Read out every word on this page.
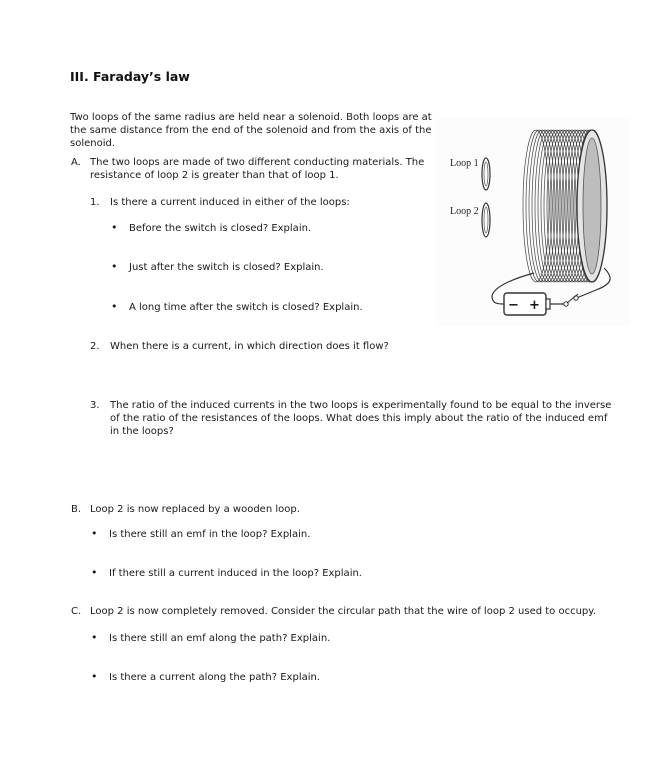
III. Faraday’s law
Two loops of the same radius are held near a solenoid. Both loops are at
the same distance from the end of the solenoid and from the axis of the
solenoid.
A. The two loops are made of two different conducting materials. The
resistance of loop 2 is greater than that of loop 1.
1. Is there a current induced in either of the loops:
• Before the switch is closed? Explain.
• Just after the switch is closed? Explain.
• A long time after the switch is closed? Explain.
2. When there is a current, in which direction does it flow?
3. The ratio of the induced currents in the two loops is experimentally found to be equal to the inverse
of the ratio of the resistances of the loops. What does this imply about the ratio of the induced emf
in the loops?
B. Loop 2 is now replaced by a wooden loop.
• Is there still an emf in the loop? Explain.
• If there still a current induced in the loop? Explain.
C. Loop 2 is now completely removed. Consider the circular path that the wire of loop 2 used to occupy.
• Is there still an emf along the path? Explain.
• Is there a current along the path? Explain.
Loop 1
Loop 2
− +
